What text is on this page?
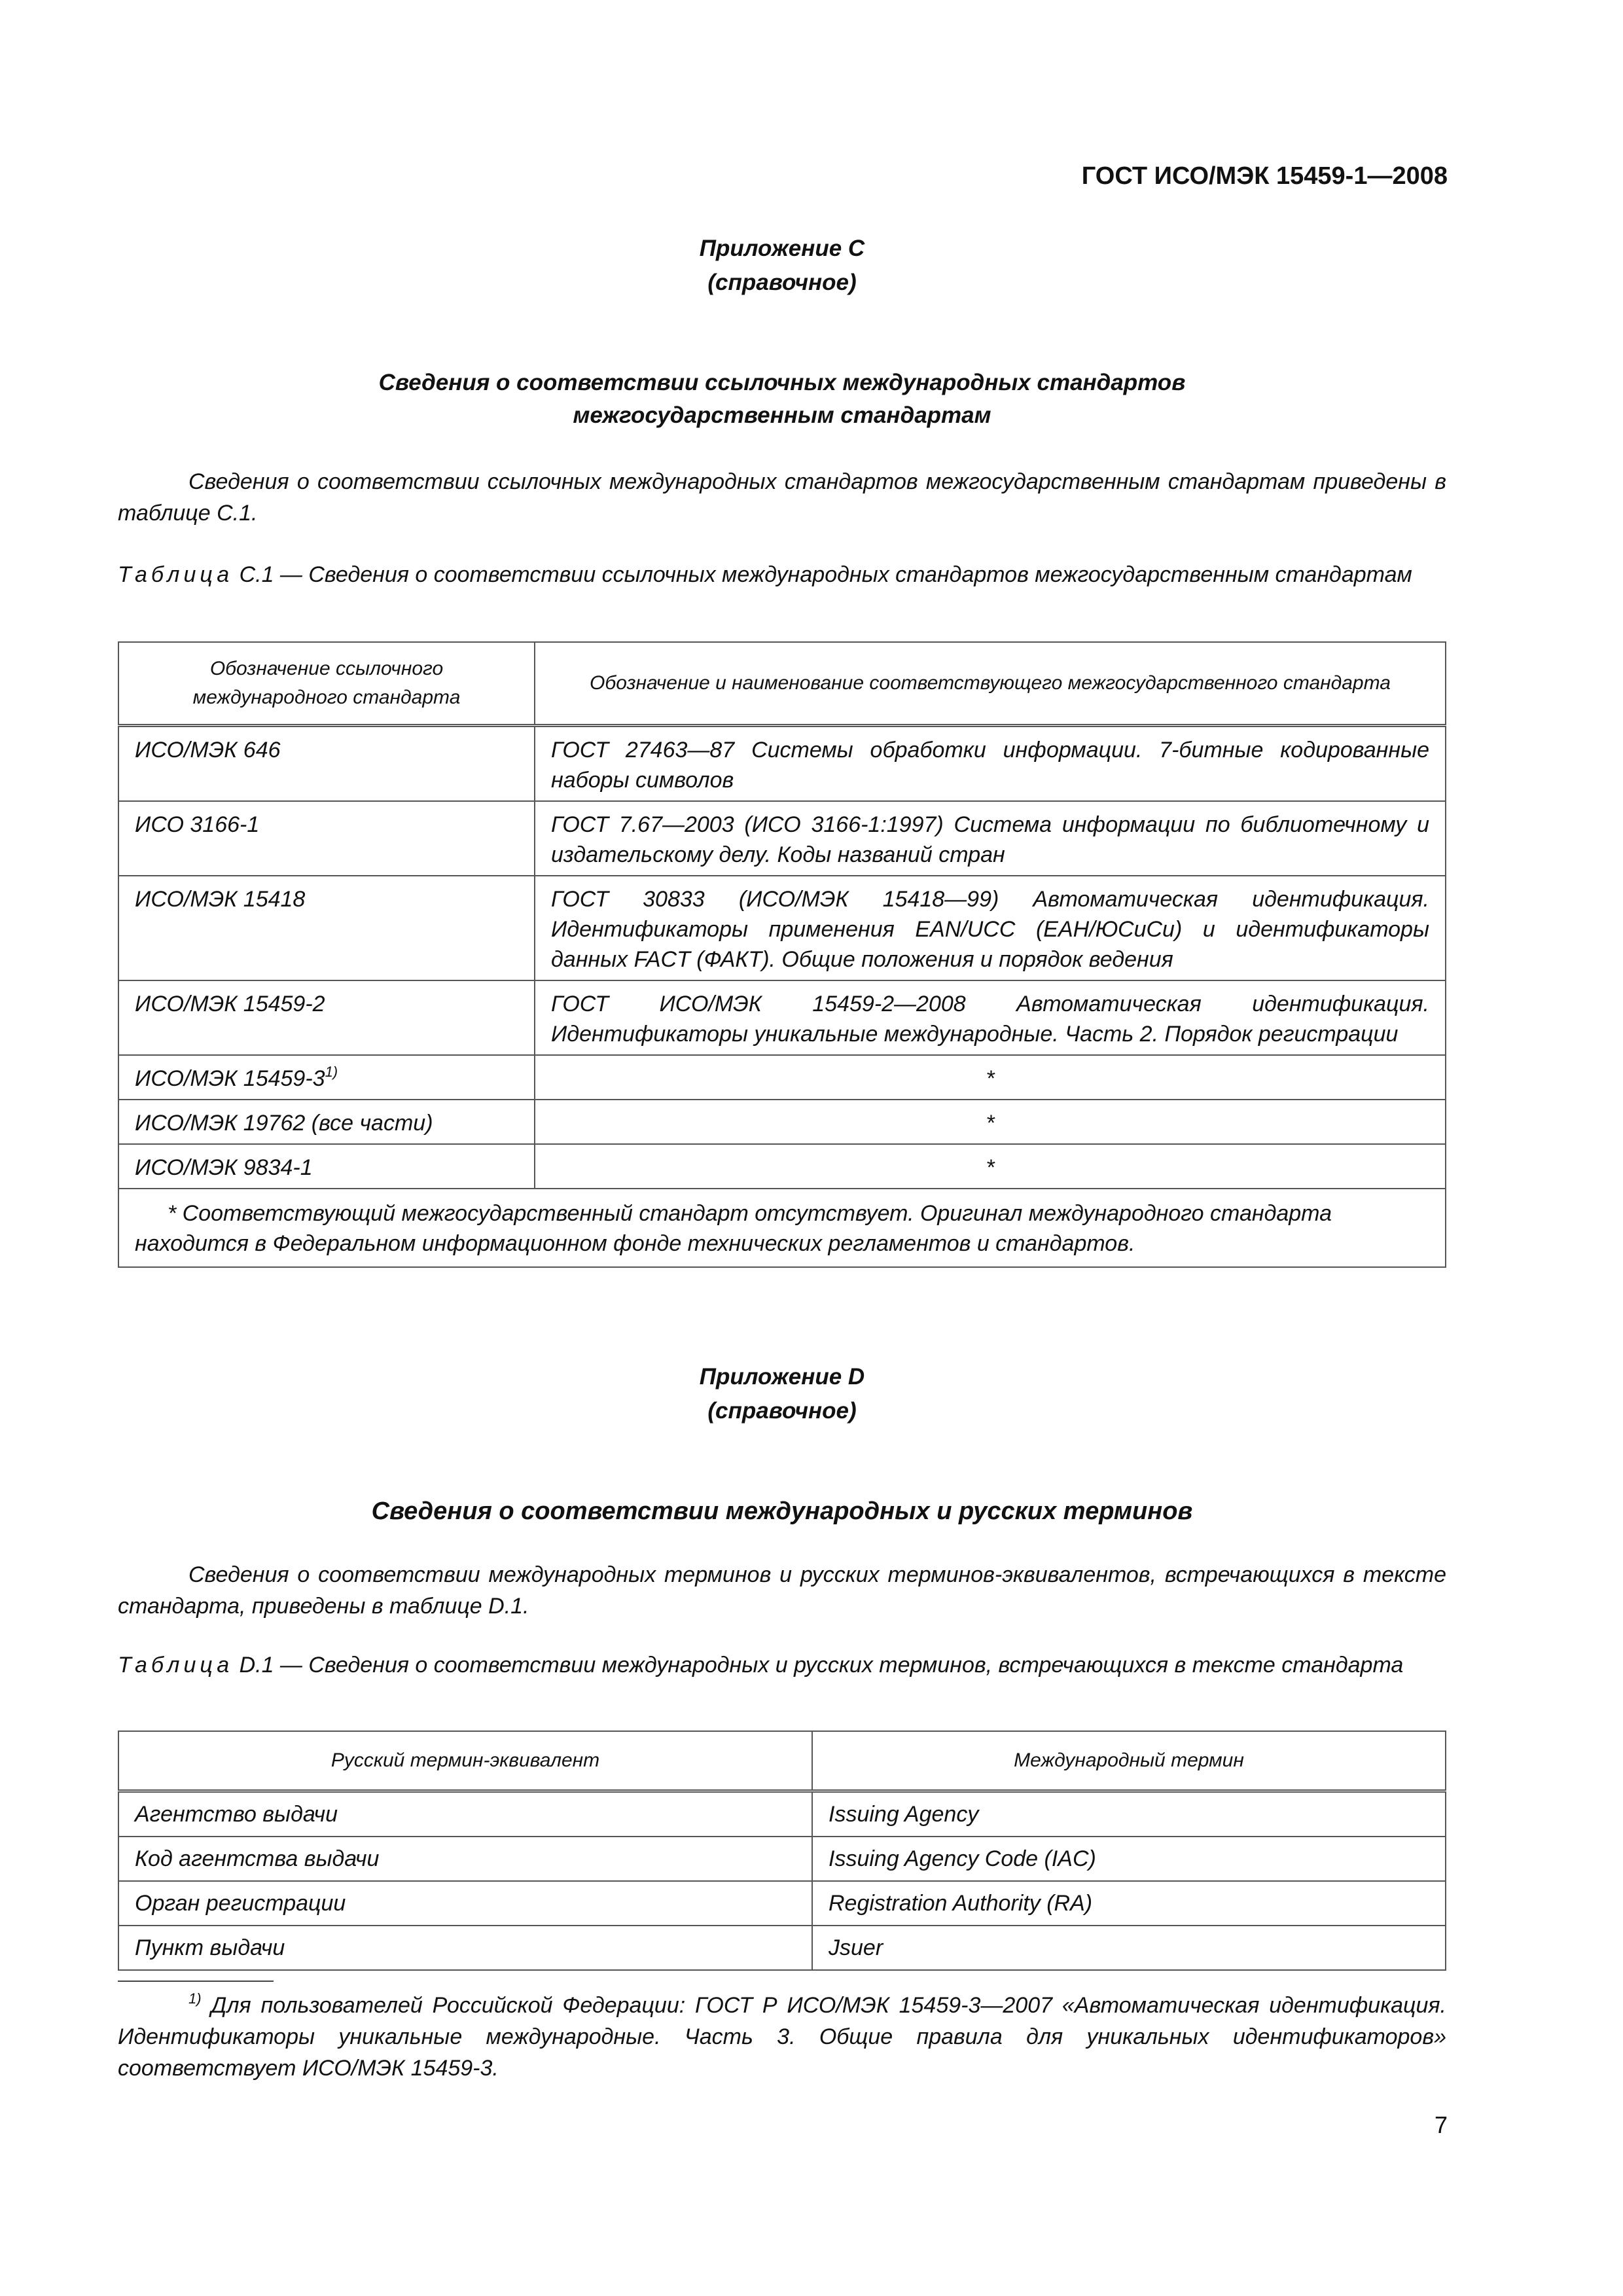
ГОСТ ИСО/МЭК 15459-1—2008
Приложение С
(справочное)
Сведения о соответствии ссылочных международных стандартов
межгосударственным стандартам
Сведения о соответствии ссылочных международных стандартов межгосударственным стандартам приведены в таблице С.1.
Таблица С.1 — Сведения о соответствии ссылочных международных стандартов межгосударственным стандартам
Обозначение ссылочного международного стандарта	Обозначение и наименование соответствующего межгосударственного стандарта
ИСО/МЭК 646	ГОСТ 27463—87 Системы обработки информации. 7-битные кодированные наборы символов
ИСО 3166-1	ГОСТ 7.67—2003 (ИСО 3166-1:1997) Система информации по библиотечному и издательскому делу. Коды названий стран
ИСО/МЭК 15418	ГОСТ 30833 (ИСО/МЭК 15418—99) Автоматическая идентификация. Идентификаторы применения EAN/UCC (ЕАН/ЮСиСи) и идентификаторы данных FACT (ФАКТ). Общие положения и порядок ведения
ИСО/МЭК 15459-2	ГОСТ ИСО/МЭК 15459-2—2008 Автоматическая идентификация. Идентификаторы уникальные международные. Часть 2. Порядок регистрации
ИСО/МЭК 15459-3$^{1)}$	*
ИСО/МЭК 19762 (все части)	*
ИСО/МЭК 9834-1	*

* Соответствующий межгосударственный стандарт отсутствует. Оригинал международного стандарта находится в Федеральном информационном фонде технических регламентов и стандартов.	
Приложение D
(справочное)
Сведения о соответствии международных и русских терминов
Сведения о соответствии международных терминов и русских терминов-эквивалентов, встречающихся в тексте стандарта, приведены в таблице D.1.
Таблица D.1 — Сведения о соответствии международных и русских терминов, встречающихся в тексте стандарта
Русский термин-эквивалент	Международный термин
Агентство выдачи	Issuing Agency
Код агентства выдачи	Issuing Agency Code (IAC)
Орган регистрации	Registration Authority (RA)
Пункт выдачи	Jsuer
$^{1)}$ Для пользователей Российской Федерации: ГОСТ Р ИСО/МЭК 15459-3—2007 «Автоматическая идентификация. Идентификаторы уникальные международные. Часть 3. Общие правила для уникальных идентификаторов» соответствует ИСО/МЭК 15459-3.
7
